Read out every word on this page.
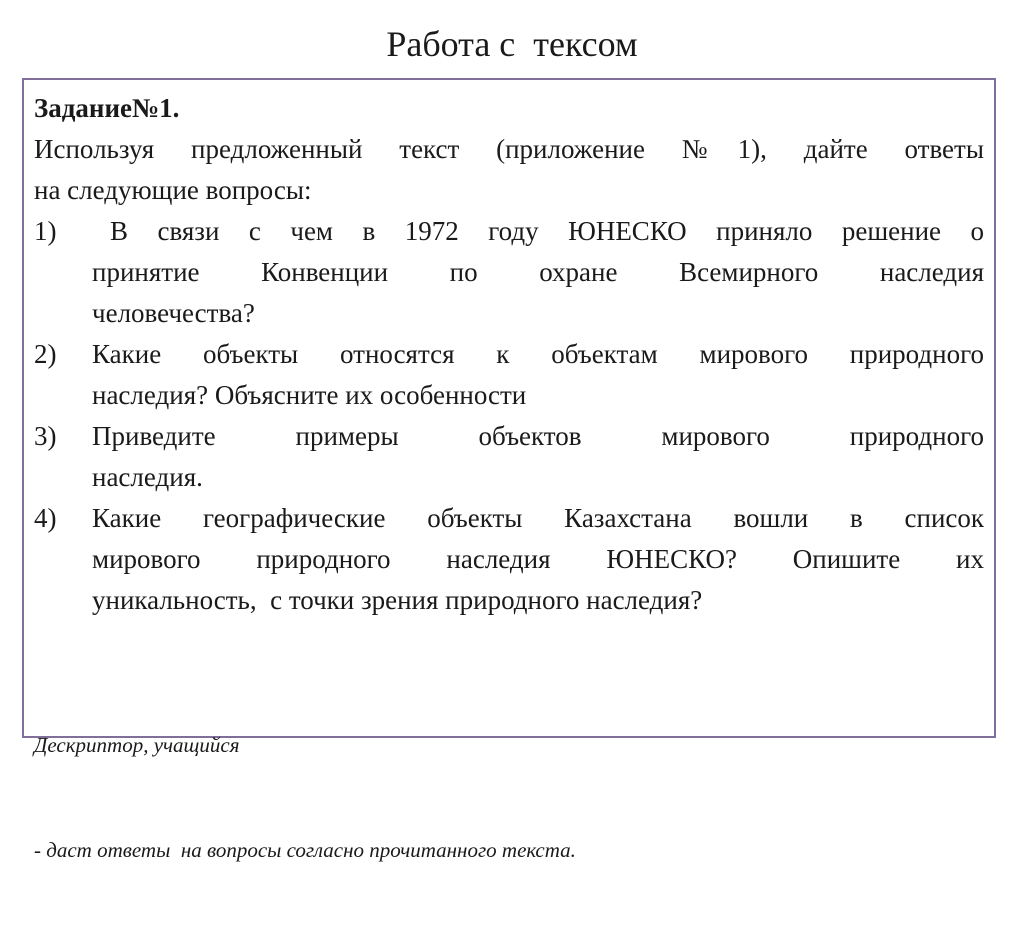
Работа с  тексом
Задание№1.
Используя предложенный текст (приложение №1), дайте ответы
на следующие вопросы:
1)	В связи с чем в 1972 году ЮНЕСКО приняло решение о
принятие Конвенции по охране Всемирного наследия
человечества?
2)	Какие объекты относятся к объектам мирового природного
наследия? Объясните их особенности
3)	Приведите примеры объектов мирового природного
наследия.
4)	Какие географические объекты Казахстана вошли в список
мирового природного наследия ЮНЕСКО? Опишите их
уникальность,  с точки зрения природного наследия?

Дескриптор, учащийся

- даст ответы  на вопросы согласно прочитанного текста.
